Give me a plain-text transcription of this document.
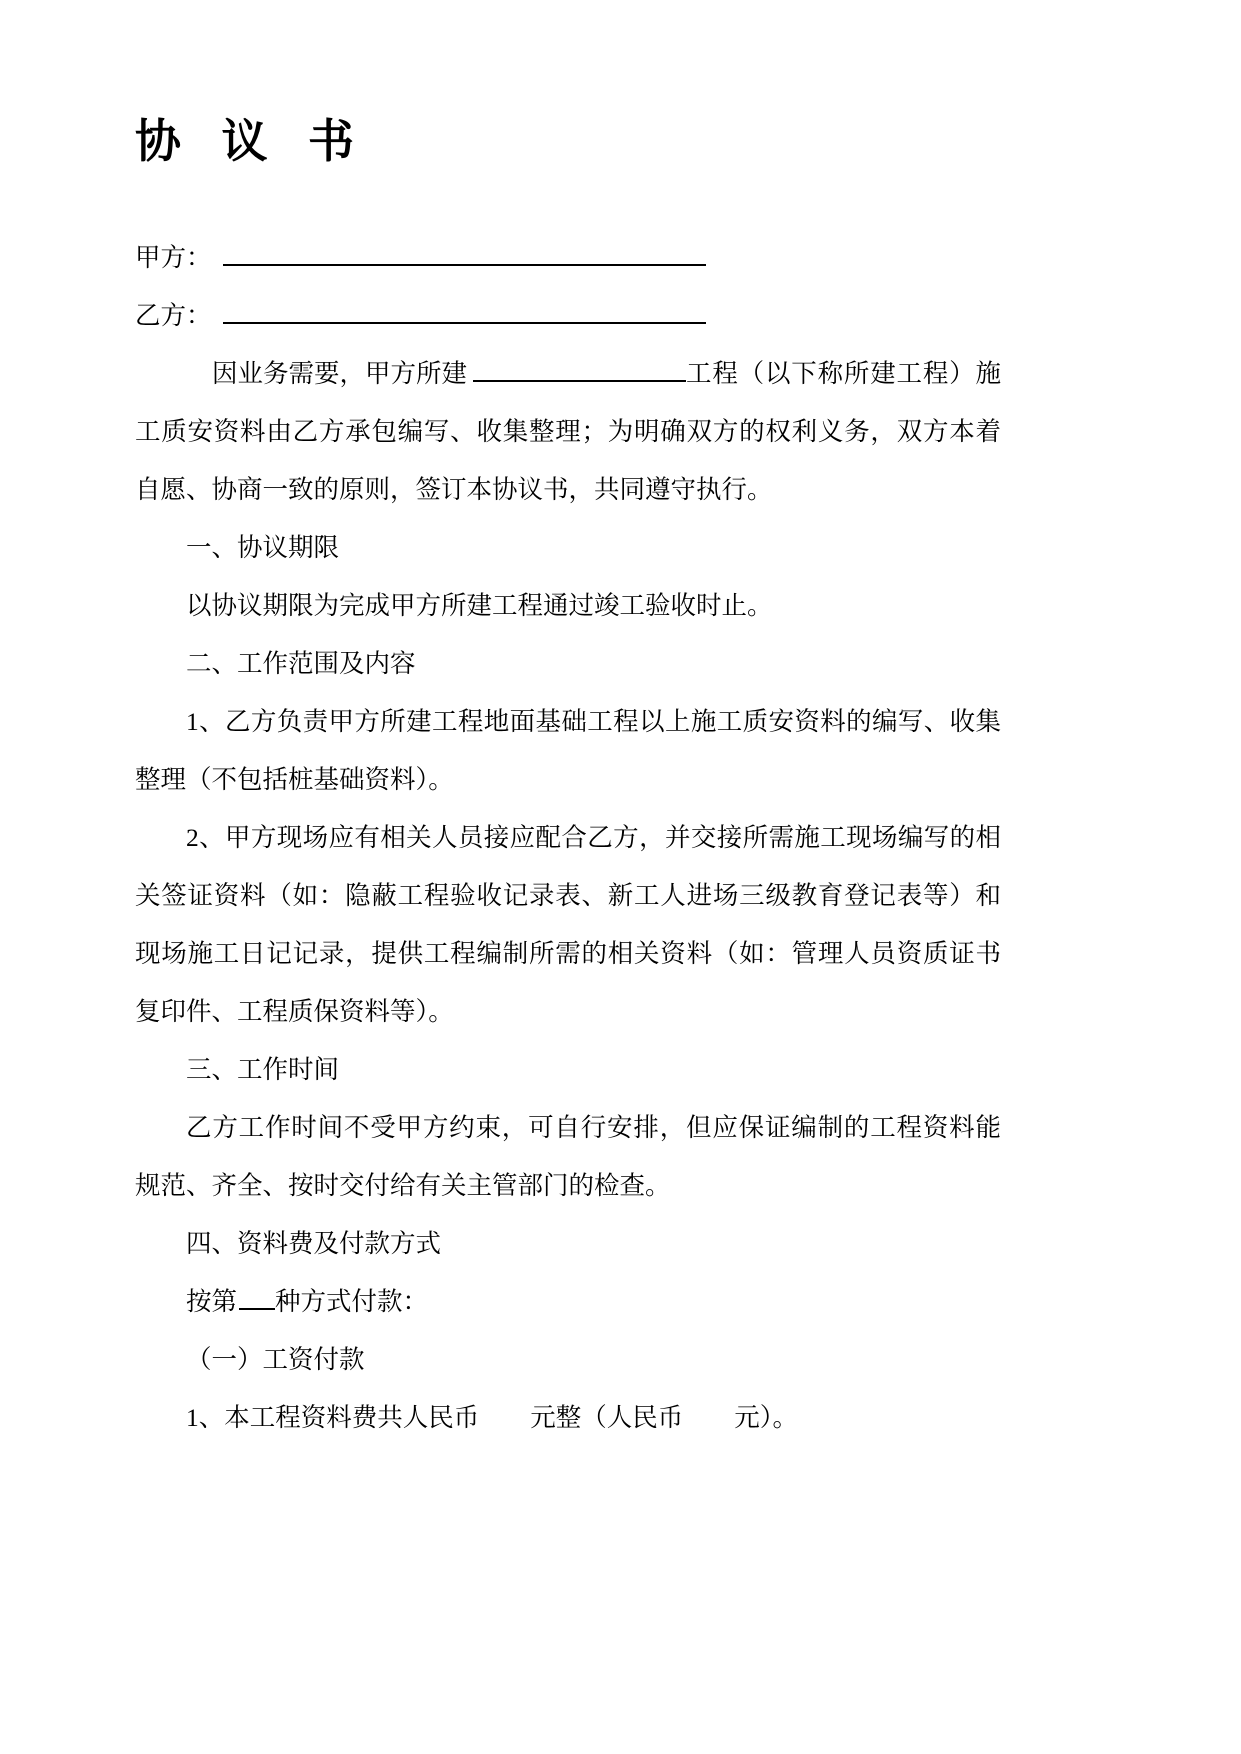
协 议 书
甲方：
乙方：
因业务需要，甲方所建	工程（以下称所建工程）施
工质安资料由乙方承包编写、收集整理；为明确双方的权利义务，双方本着
自愿、协商一致的原则，签订本协议书，共同遵守执行。
一、协议期限
以协议期限为完成甲方所建工程通过竣工验收时止。
二、工作范围及内容
1、乙方负责甲方所建工程地面基础工程以上施工质安资料的编写、收集
整理（不包括桩基础资料）。
2、甲方现场应有相关人员接应配合乙方，并交接所需施工现场编写的相
关签证资料（如：隐蔽工程验收记录表、新工人进场三级教育登记表等）和
现场施工日记记录，提供工程编制所需的相关资料（如：管理人员资质证书
复印件、工程质保资料等）。
三、工作时间
乙方工作时间不受甲方约束，可自行安排，但应保证编制的工程资料能
规范、齐全、按时交付给有关主管部门的检查。
四、资料费及付款方式
按第 种方式付款：
（一）工资付款
1、本工程资料费共人民币　　元整（人民币　　元）。
